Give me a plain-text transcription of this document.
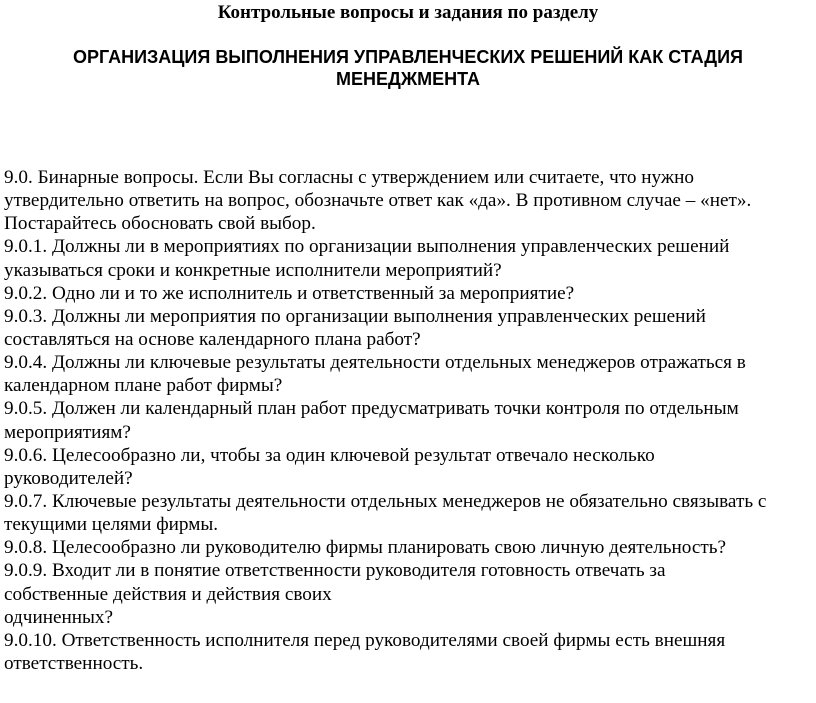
Контрольные вопросы и задания по разделу
ОРГАНИЗАЦИЯ ВЫПОЛНЕНИЯ УПРАВЛЕНЧЕСКИХ РЕШЕНИЙ КАК СТАДИЯ
МЕНЕДЖМЕНТА
9.0. Бинарные вопросы. Если Вы согласны с утверждением или считаете, что нужно
утвердительно ответить на вопрос, обозначьте ответ как «да». В противном случае – «нет».
Постарайтесь обосновать свой выбор.
9.0.1. Должны ли в мероприятиях по организации выполнения управленческих решений
указываться сроки и конкретные исполнители мероприятий?
9.0.2. Одно ли и то же исполнитель и ответственный за мероприятие?
9.0.3. Должны ли мероприятия по организации выполнения управленческих решений
составляться на основе календарного плана работ?
9.0.4. Должны ли ключевые результаты деятельности отдельных менеджеров отражаться в
календарном плане работ фирмы?
9.0.5. Должен ли календарный план работ предусматривать точки контроля по отдельным
мероприятиям?
9.0.6. Целесообразно ли, чтобы за один ключевой результат отвечало несколько
руководителей?
9.0.7. Ключевые результаты деятельности отдельных менеджеров не обязательно связывать с
текущими целями фирмы.
9.0.8. Целесообразно ли руководителю фирмы планировать свою личную деятельность?
9.0.9. Входит ли в понятие ответственности руководителя готовность отвечать за
собственные действия и действия своих
одчиненных?
9.0.10. Ответственность исполнителя перед руководителями своей фирмы есть внешняя
ответственность.
